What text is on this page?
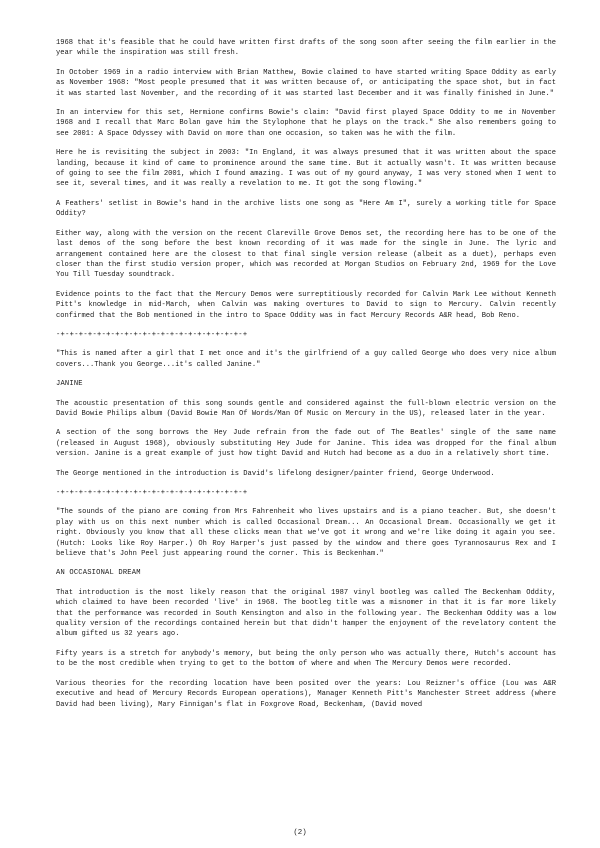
1968 that it's feasible that he could have written first drafts of the song soon after seeing the film earlier in the year while the inspiration was still fresh.

In October 1969 in a radio interview with Brian Matthew, Bowie claimed to have started writing Space Oddity as early as November 1968: "Most people presumed that it was written because of, or anticipating the space shot, but in fact it was started last November, and the recording of it was started last December and it was finally finished in June."

In an interview for this set, Hermione confirms Bowie's claim: "David first played Space Oddity to me in November 1968 and I recall that Marc Bolan gave him the Stylophone that he plays on the track." She also remembers going to see 2001: A Space Odyssey with David on more than one occasion, so taken was he with the film.

Here he is revisiting the subject in 2003: "In England, it was always presumed that it was written about the space landing, because it kind of came to prominence around the same time. But it actually wasn't. It was written because of going to see the film 2001, which I found amazing. I was out of my gourd anyway, I was very stoned when I went to see it, several times, and it was really a revelation to me. It got the song flowing."

A Feathers' setlist in Bowie's hand in the archive lists one song as "Here Am I", surely a working title for Space Oddity?

Either way, along with the version on the recent Clareville Grove Demos set, the recording here has to be one of the last demos of the song before the best known recording of it was made for the single in June. The lyric and arrangement contained here are the closest to that final single version release (albeit as a duet), perhaps even closer than the first studio version proper, which was recorded at Morgan Studios on February 2nd, 1969 for the Love You Till Tuesday soundtrack.

Evidence points to the fact that the Mercury Demos were surreptitiously recorded for Calvin Mark Lee without Kenneth Pitt's knowledge in mid-March, when Calvin was making overtures to David to sign to Mercury. Calvin recently confirmed that the Bob mentioned in the intro to Space Oddity was in fact Mercury Records A&R head, Bob Reno.

-+-+-+-+-+-+-+-+-+-+-+-+-+-+-+-+-+-+-+-+-+

"This is named after a girl that I met once and it's the girlfriend of a guy called George who does very nice album covers...Thank you George...it's called Janine."

JANINE

The acoustic presentation of this song sounds gentle and considered against the full-blown electric version on the David Bowie Philips album (David Bowie Man Of Words/Man Of Music on Mercury in the US), released later in the year.

A section of the song borrows the Hey Jude refrain from the fade out of The Beatles' single of the same name (released in August 1968), obviously substituting Hey Jude for Janine. This idea was dropped for the final album version. Janine is a great example of just how tight David and Hutch had become as a duo in a relatively short time.

The George mentioned in the introduction is David's lifelong designer/painter friend, George Underwood.

-+-+-+-+-+-+-+-+-+-+-+-+-+-+-+-+-+-+-+-+-+

"The sounds of the piano are coming from Mrs Fahrenheit who lives upstairs and is a piano teacher. But, she doesn't play with us on this next number which is called Occasional Dream... An Occasional Dream. Occasionally we get it right. Obviously you know that all these clicks mean that we've got it wrong and we're like doing it again you see. (Hutch: Looks like Roy Harper.) Oh Roy Harper's just passed by the window and there goes Tyrannosaurus Rex and I believe that's John Peel just appearing round the corner. This is Beckenham."

AN OCCASIONAL DREAM

That introduction is the most likely reason that the original 1987 vinyl bootleg was called The Beckenham Oddity, which claimed to have been recorded 'live' in 1968. The bootleg title was a misnomer in that it is far more likely that the performance was recorded in South Kensington and also in the following year. The Beckenham Oddity was a low quality version of the recordings contained herein but that didn't hamper the enjoyment of the revelatory content the album gifted us 32 years ago.

Fifty years is a stretch for anybody's memory, but being the only person who was actually there, Hutch's account has to be the most credible when trying to get to the bottom of where and when The Mercury Demos were recorded.

Various theories for the recording location have been posited over the years: Lou Reizner's office (Lou was A&R executive and head of Mercury Records European operations), Manager Kenneth Pitt's Manchester Street address (where David had been living), Mary Finnigan's flat in Foxgrove Road, Beckenham, (David moved

(2)
